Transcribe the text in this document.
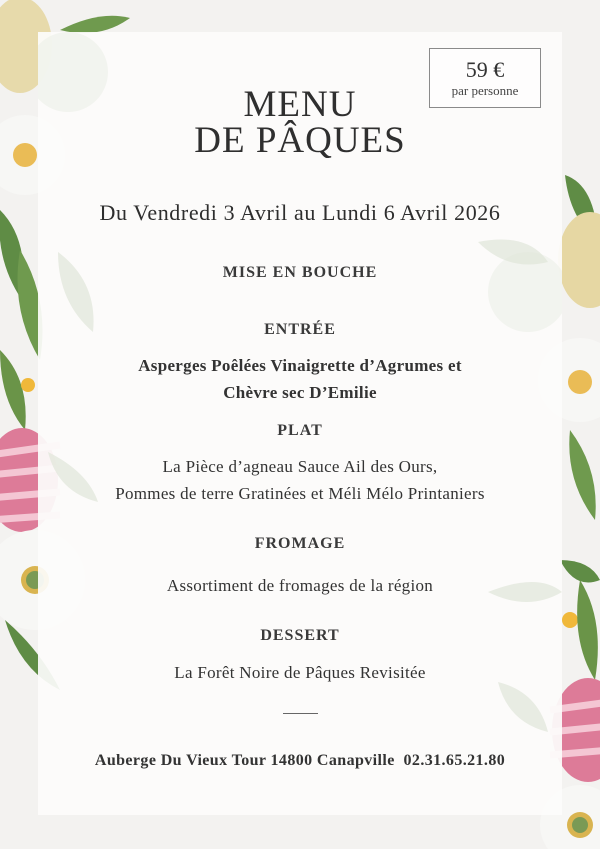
59 €
par personne
MENU
DE PÂQUES
Du Vendredi 3 Avril au Lundi 6 Avril 2026
MISE EN BOUCHE
ENTRÉE
Asperges Poêlées Vinaigrette d’Agrumes et
Chèvre sec D’Emilie
PLAT
La Pièce d’agneau Sauce Ail des Ours,
Pommes de terre Gratinées et Méli Mélo Printaniers
FROMAGE
Assortiment de fromages de la région
DESSERT
La Forêt Noire de Pâques Revisitée
Auberge Du Vieux Tour 14800 Canapville  02.31.65.21.80
